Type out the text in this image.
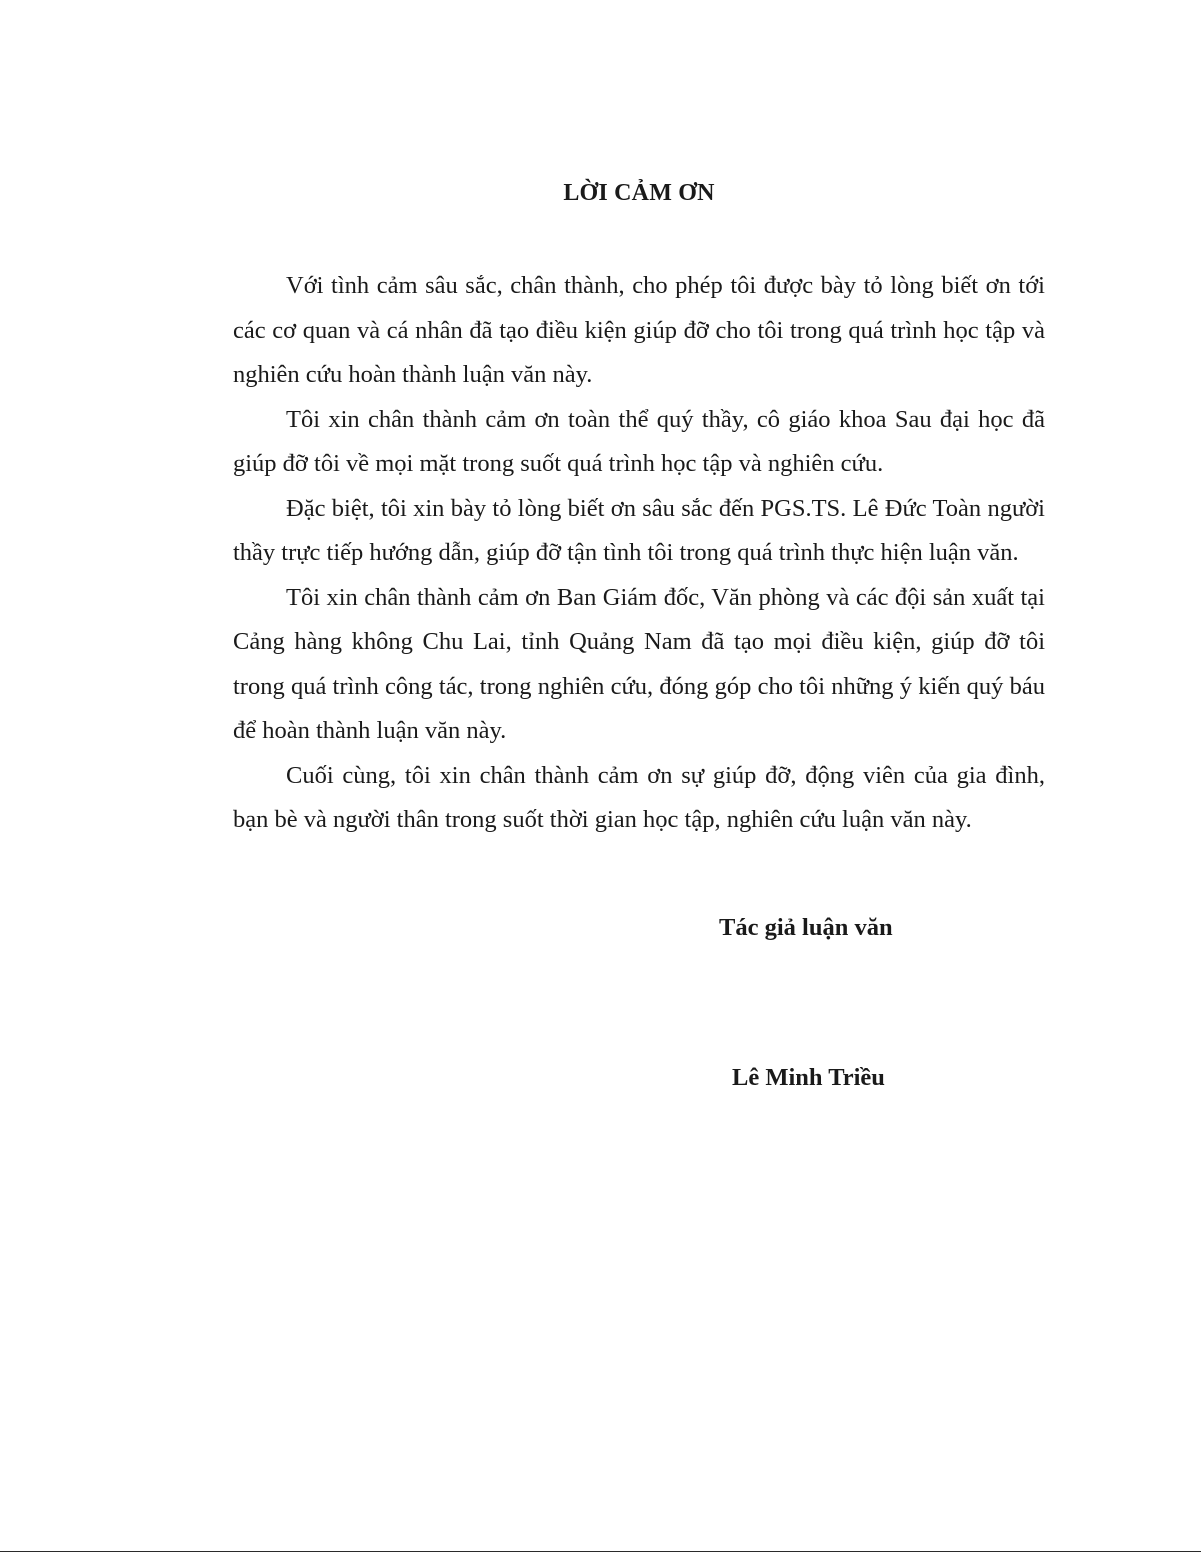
LỜI CẢM ƠN

Với tình cảm sâu sắc, chân thành, cho phép tôi được bày tỏ lòng biết ơn tới các cơ quan và cá nhân đã tạo điều kiện giúp đỡ cho tôi trong quá trình học tập và nghiên cứu hoàn thành luận văn này.

Tôi xin chân thành cảm ơn toàn thể quý thầy, cô giáo khoa Sau đại học đã giúp đỡ tôi về mọi mặt trong suốt quá trình học tập và nghiên cứu.

Đặc biệt, tôi xin bày tỏ lòng biết ơn sâu sắc đến PGS.TS. Lê Đức Toàn người thầy trực tiếp hướng dẫn, giúp đỡ tận tình tôi trong quá trình thực hiện luận văn.

Tôi xin chân thành cảm ơn Ban Giám đốc, Văn phòng và các đội sản xuất tại Cảng hàng không Chu Lai, tỉnh Quảng Nam đã tạo mọi điều kiện, giúp đỡ tôi trong quá trình công tác, trong nghiên cứu, đóng góp cho tôi những ý kiến quý báu để hoàn thành luận văn này.

Cuối cùng, tôi xin chân thành cảm ơn sự giúp đỡ, động viên của gia đình, bạn bè và người thân trong suốt thời gian học tập, nghiên cứu luận văn này.

Tác giả luận văn
Lê Minh Triều
